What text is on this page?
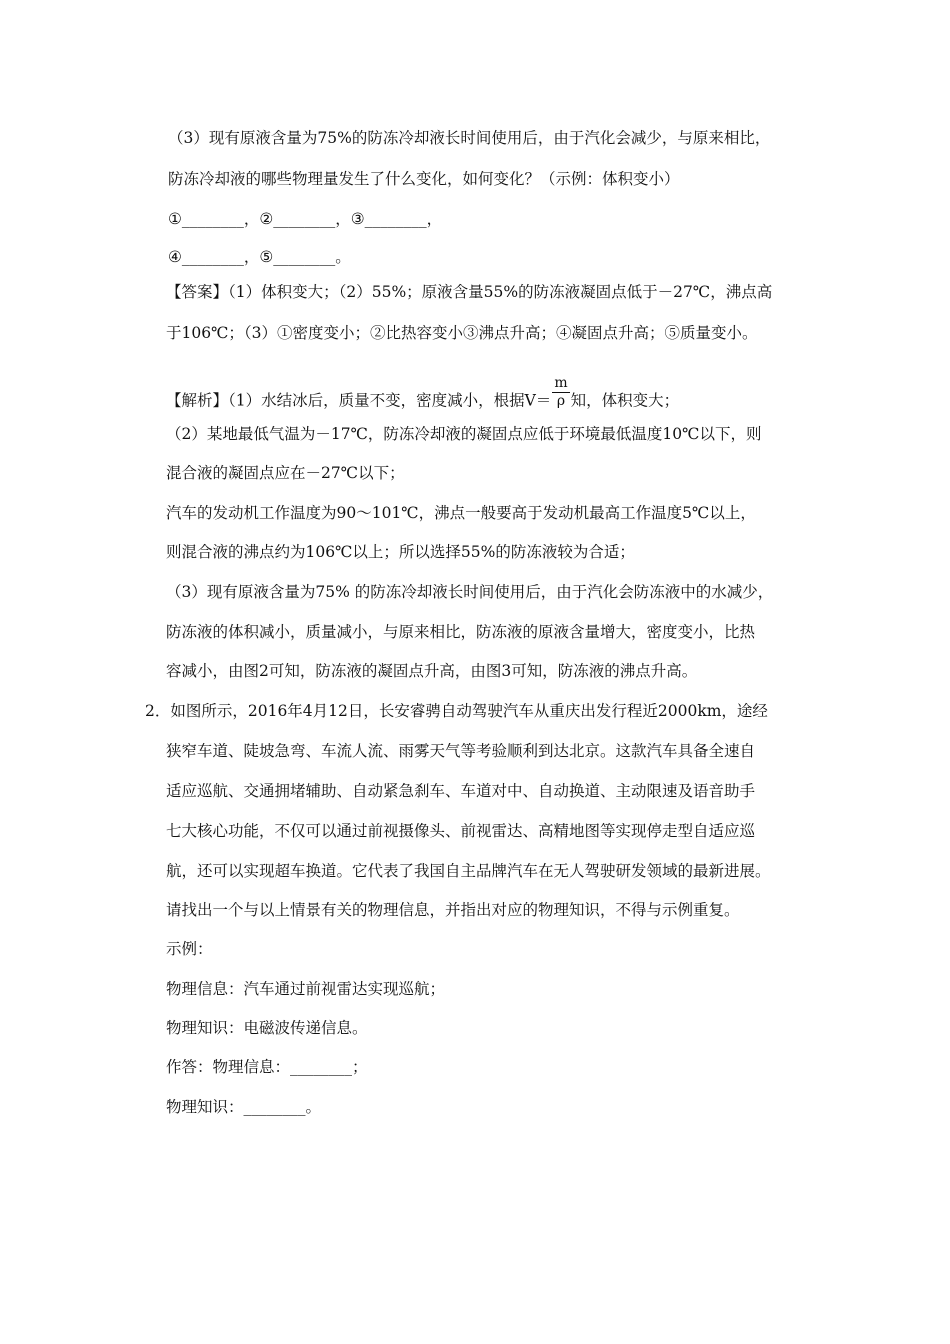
（3）现有原液含量为75%的防冻冷却液长时间使用后，由于汽化会减少，与原来相比，
防冻冷却液的哪些物理量发生了什么变化，如何变化？（示例：体积变小）
①________，②________，③________，
④________，⑤________。
【答案】（1）体积变大；（2）55%；原液含量55%的防冻液凝固点低于－27℃，沸点高
于106℃；（3）①密度变小；②比热容变小③沸点升高；④凝固点升高；⑤质量变小。
【解析】（1）水结冰后，质量不变，密度减小，根据$V= \frac{m}{\rho}$ 知，体积变大；
（2）某地最低气温为－17℃，防冻冷却液的凝固点应低于环境最低温度10℃以下，则
混合液的凝固点应在－27℃以下；
汽车的发动机工作温度为90～101℃，沸点一般要高于发动机最高工作温度5℃以上，
则混合液的沸点约为106℃以上；所以选择55%的防冻液较为合适；
（3）现有原液含量为75% 的防冻冷却液长时间使用后，由于汽化会防冻液中的水减少，
防冻液的体积减小，质量减小，与原来相比，防冻液的原液含量增大，密度变小，比热
容减小，由图2可知，防冻液的凝固点升高，由图3可知，防冻液的沸点升高。
2．如图所示，2016年4月12日，长安睿骋自动驾驶汽车从重庆出发行程近2000km，途经
狭窄车道、陡坡急弯、车流人流、雨雾天气等考验顺利到达北京。这款汽车具备全速自
适应巡航、交通拥堵辅助、自动紧急刹车、车道对中、自动换道、主动限速及语音助手
七大核心功能，不仅可以通过前视摄像头、前视雷达、高精地图等实现停走型自适应巡
航，还可以实现超车换道。它代表了我国自主品牌汽车在无人驾驶研发领域的最新进展。
请找出一个与以上情景有关的物理信息，并指出对应的物理知识，不得与示例重复。
示例：
物理信息：汽车通过前视雷达实现巡航；
物理知识：电磁波传递信息。
作答：物理信息：________；
物理知识：________。
